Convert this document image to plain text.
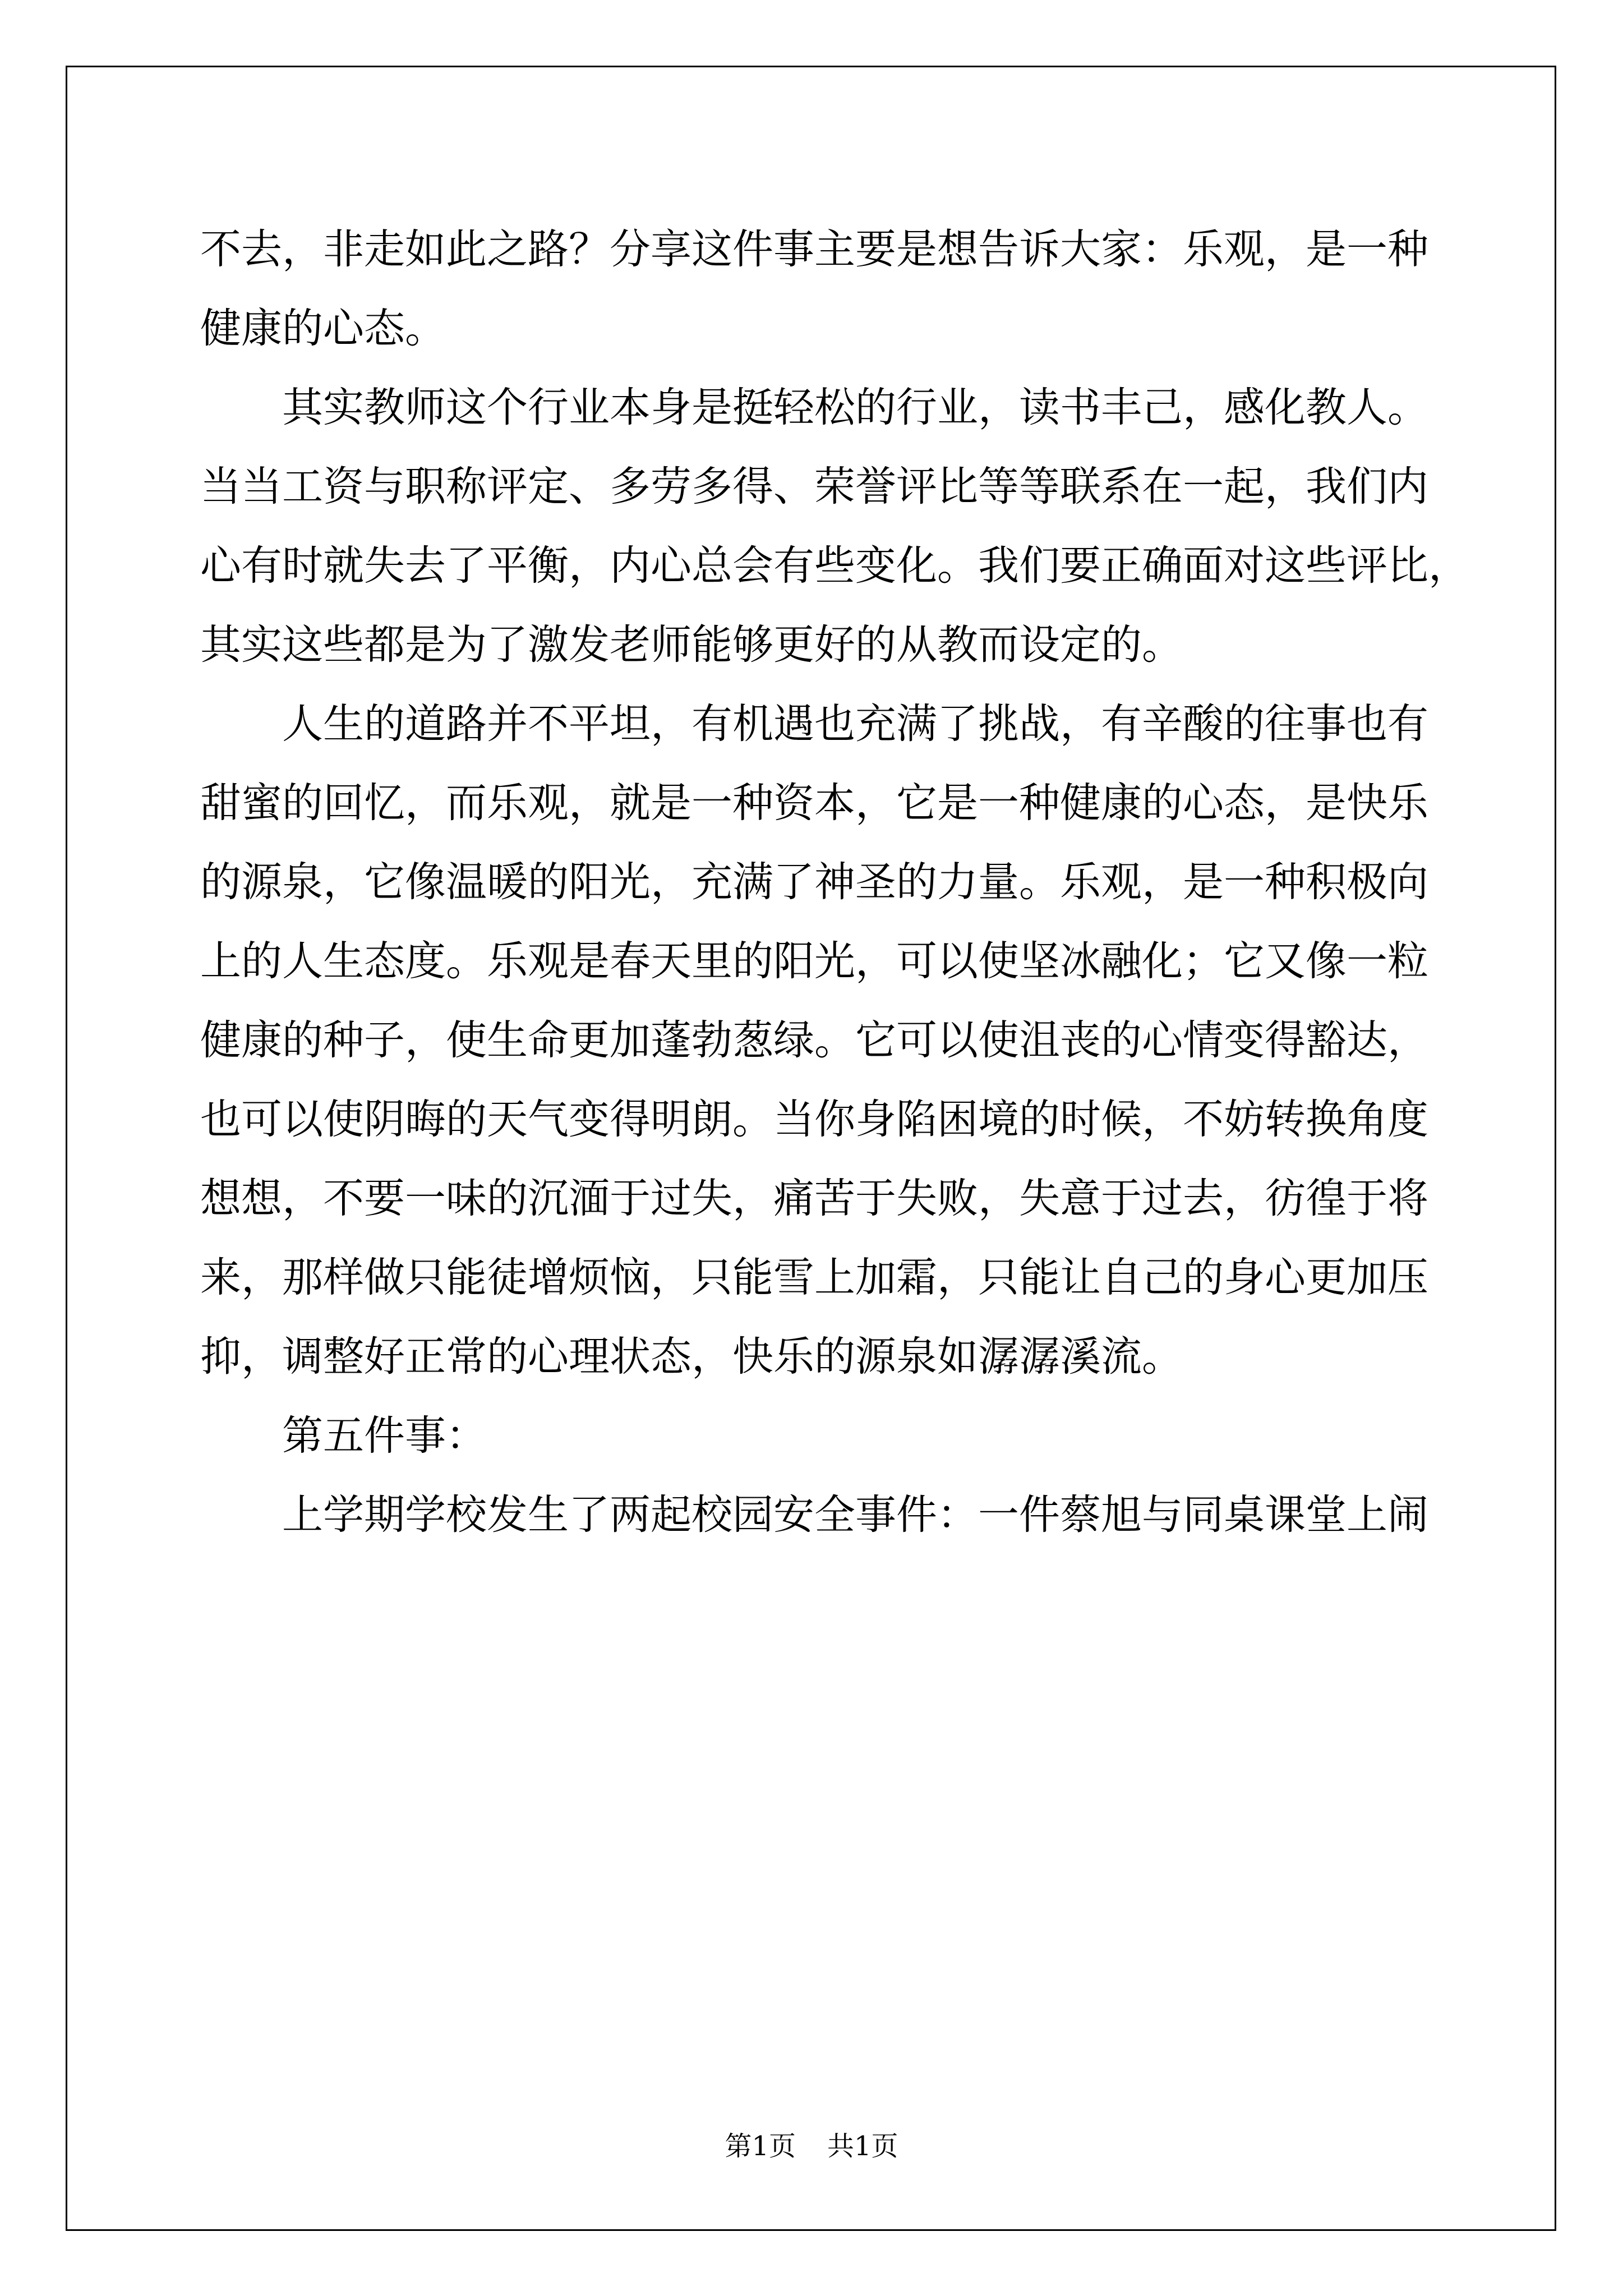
不去，非走如此之路？分享这件事主要是想告诉大家：乐观，是一种
健康的心态。
其实教师这个行业本身是挺轻松的行业，读书丰己，感化教人。
当当工资与职称评定、多劳多得、荣誉评比等等联系在一起，我们内
心有时就失去了平衡，内心总会有些变化。我们要正确面对这些评比，
其实这些都是为了激发老师能够更好的从教而设定的。
人生的道路并不平坦，有机遇也充满了挑战，有辛酸的往事也有
甜蜜的回忆，而乐观，就是一种资本，它是一种健康的心态，是快乐
的源泉，它像温暖的阳光，充满了神圣的力量。乐观，是一种积极向
上的人生态度。乐观是春天里的阳光，可以使坚冰融化；它又像一粒
健康的种子，使生命更加蓬勃葱绿。它可以使沮丧的心情变得豁达，
也可以使阴晦的天气变得明朗。当你身陷困境的时候，不妨转换角度
想想，不要一味的沉湎于过失，痛苦于失败，失意于过去，彷徨于将
来，那样做只能徒增烦恼，只能雪上加霜，只能让自己的身心更加压
抑，调整好正常的心理状态，快乐的源泉如潺潺溪流。
第五件事：
上学期学校发生了两起校园安全事件：一件蔡旭与同桌课堂上闹
第1页 共1页
